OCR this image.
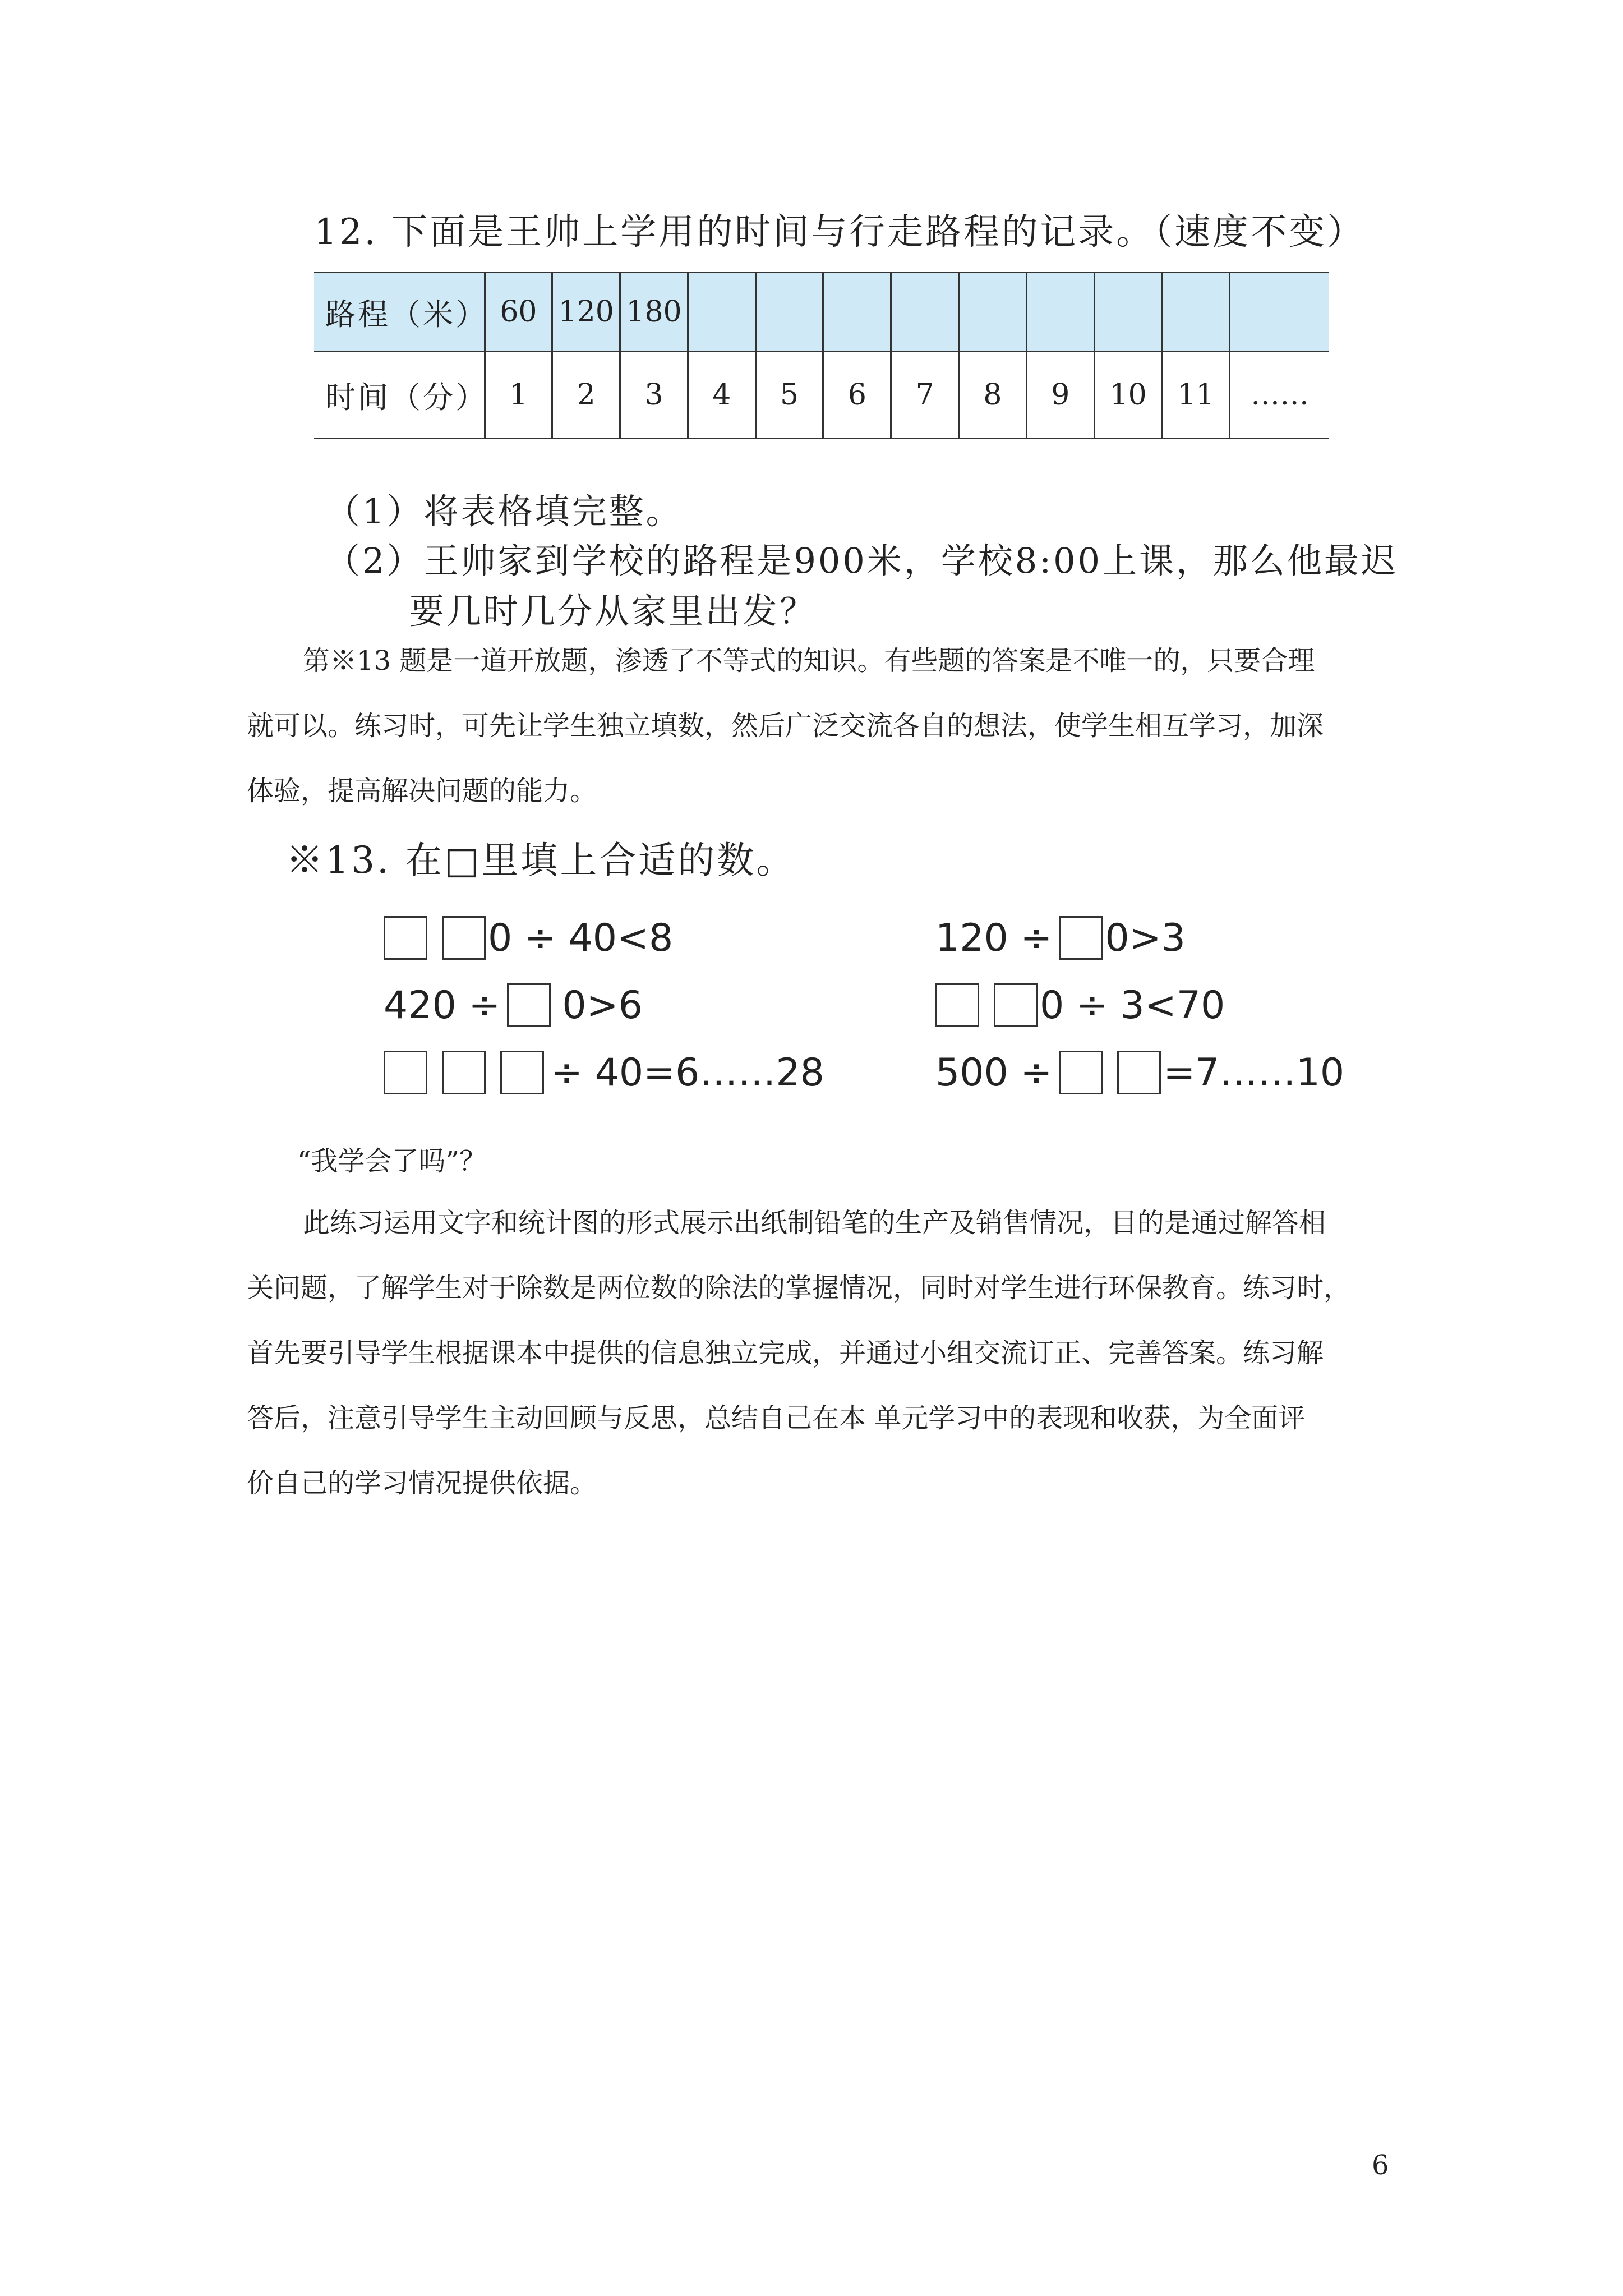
12. 下面是王帅上学用的时间与行走路程的记录。（速度不变）
路程（米）	60	120	180									
时间（分）	1	2	3	4	5	6	7	8	9	10	11	……
（1）将表格填完整。
（2）王帅家到学校的路程是900米，学校8:00上课，那么他最迟
要几时几分从家里出发？
第※13 题是一道开放题，渗透了不等式的知识。有些题的答案是不唯一的，只要合理
就可以。练习时，可先让学生独立填数，然后广泛交流各自的想法，使学生相互学习，加深
体验，提高解决问题的能力。
※13. 在□里填上合适的数。
0 ÷ 40<8	120 ÷ 0>3
420 ÷ 0>6	0 ÷ 3<70
÷ 40=6……28	500 ÷	=7……10
“我学会了吗”？
此练习运用文字和统计图的形式展示出纸制铅笔的生产及销售情况，目的是通过解答相
关问题，了解学生对于除数是两位数的除法的掌握情况，同时对学生进行环保教育。练习时，
首先要引导学生根据课本中提供的信息独立完成，并通过小组交流订正、完善答案。练习解
答后，注意引导学生主动回顾与反思，总结自己在本 单元学习中的表现和收获，为全面评
价自己的学习情况提供依据。
6
